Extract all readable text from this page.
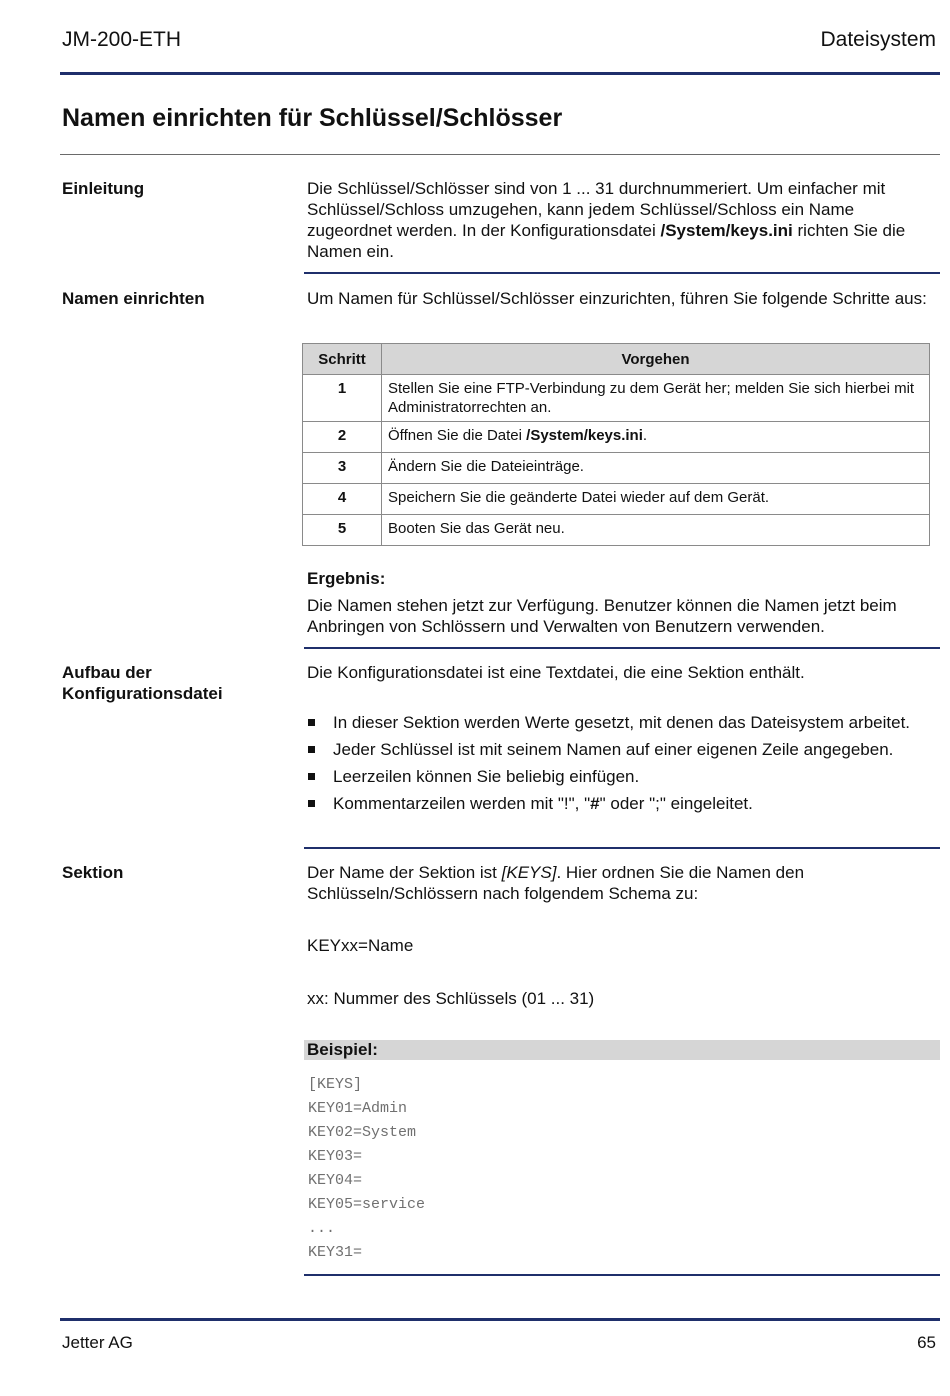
JM-200-ETH	Dateisystem
Namen einrichten für Schlüssel/Schlösser
Einleitung	Die Schlüssel/Schlösser sind von 1 ... 31 durchnummeriert. Um einfacher mit Schlüssel/Schloss umzugehen, kann jedem Schlüssel/Schloss ein Name zugeordnet werden. In der Konfigurationsdatei /System/keys.ini richten Sie die Namen ein.
Namen einrichten	Um Namen für Schlüssel/Schlösser einzurichten, führen Sie folgende Schritte aus:
Schritt	Vorgehen
1	Stellen Sie eine FTP-Verbindung zu dem Gerät her; melden Sie sich hierbei mit Administratorrechten an.
2	Öffnen Sie die Datei /System/keys.ini.
3	Ändern Sie die Dateieinträge.
4	Speichern Sie die geänderte Datei wieder auf dem Gerät.
5	Booten Sie das Gerät neu.
Ergebnis:
Die Namen stehen jetzt zur Verfügung. Benutzer können die Namen jetzt beim Anbringen von Schlössern und Verwalten von Benutzern verwenden.
Aufbau der
Konfigurationsdatei
Die Konfigurationsdatei ist eine Textdatei, die eine Sektion enthält.
In dieser Sektion werden Werte gesetzt, mit denen das Dateisystem arbeitet.
Jeder Schlüssel ist mit seinem Namen auf einer eigenen Zeile angegeben.
Leerzeilen können Sie beliebig einfügen.
Kommentarzeilen werden mit "!", "#" oder ";" eingeleitet.
Sektion	Der Name der Sektion ist [KEYS]. Hier ordnen Sie die Namen den Schlüsseln/Schlössern nach folgendem Schema zu:
KEYxx=Name
xx: Nummer des Schlüssels (01 ... 31)
Beispiel:
[KEYS]
KEY01=Admin
KEY02=System
KEY03=
KEY04=
KEY05=service
...
KEY31=
Jetter AG	65
